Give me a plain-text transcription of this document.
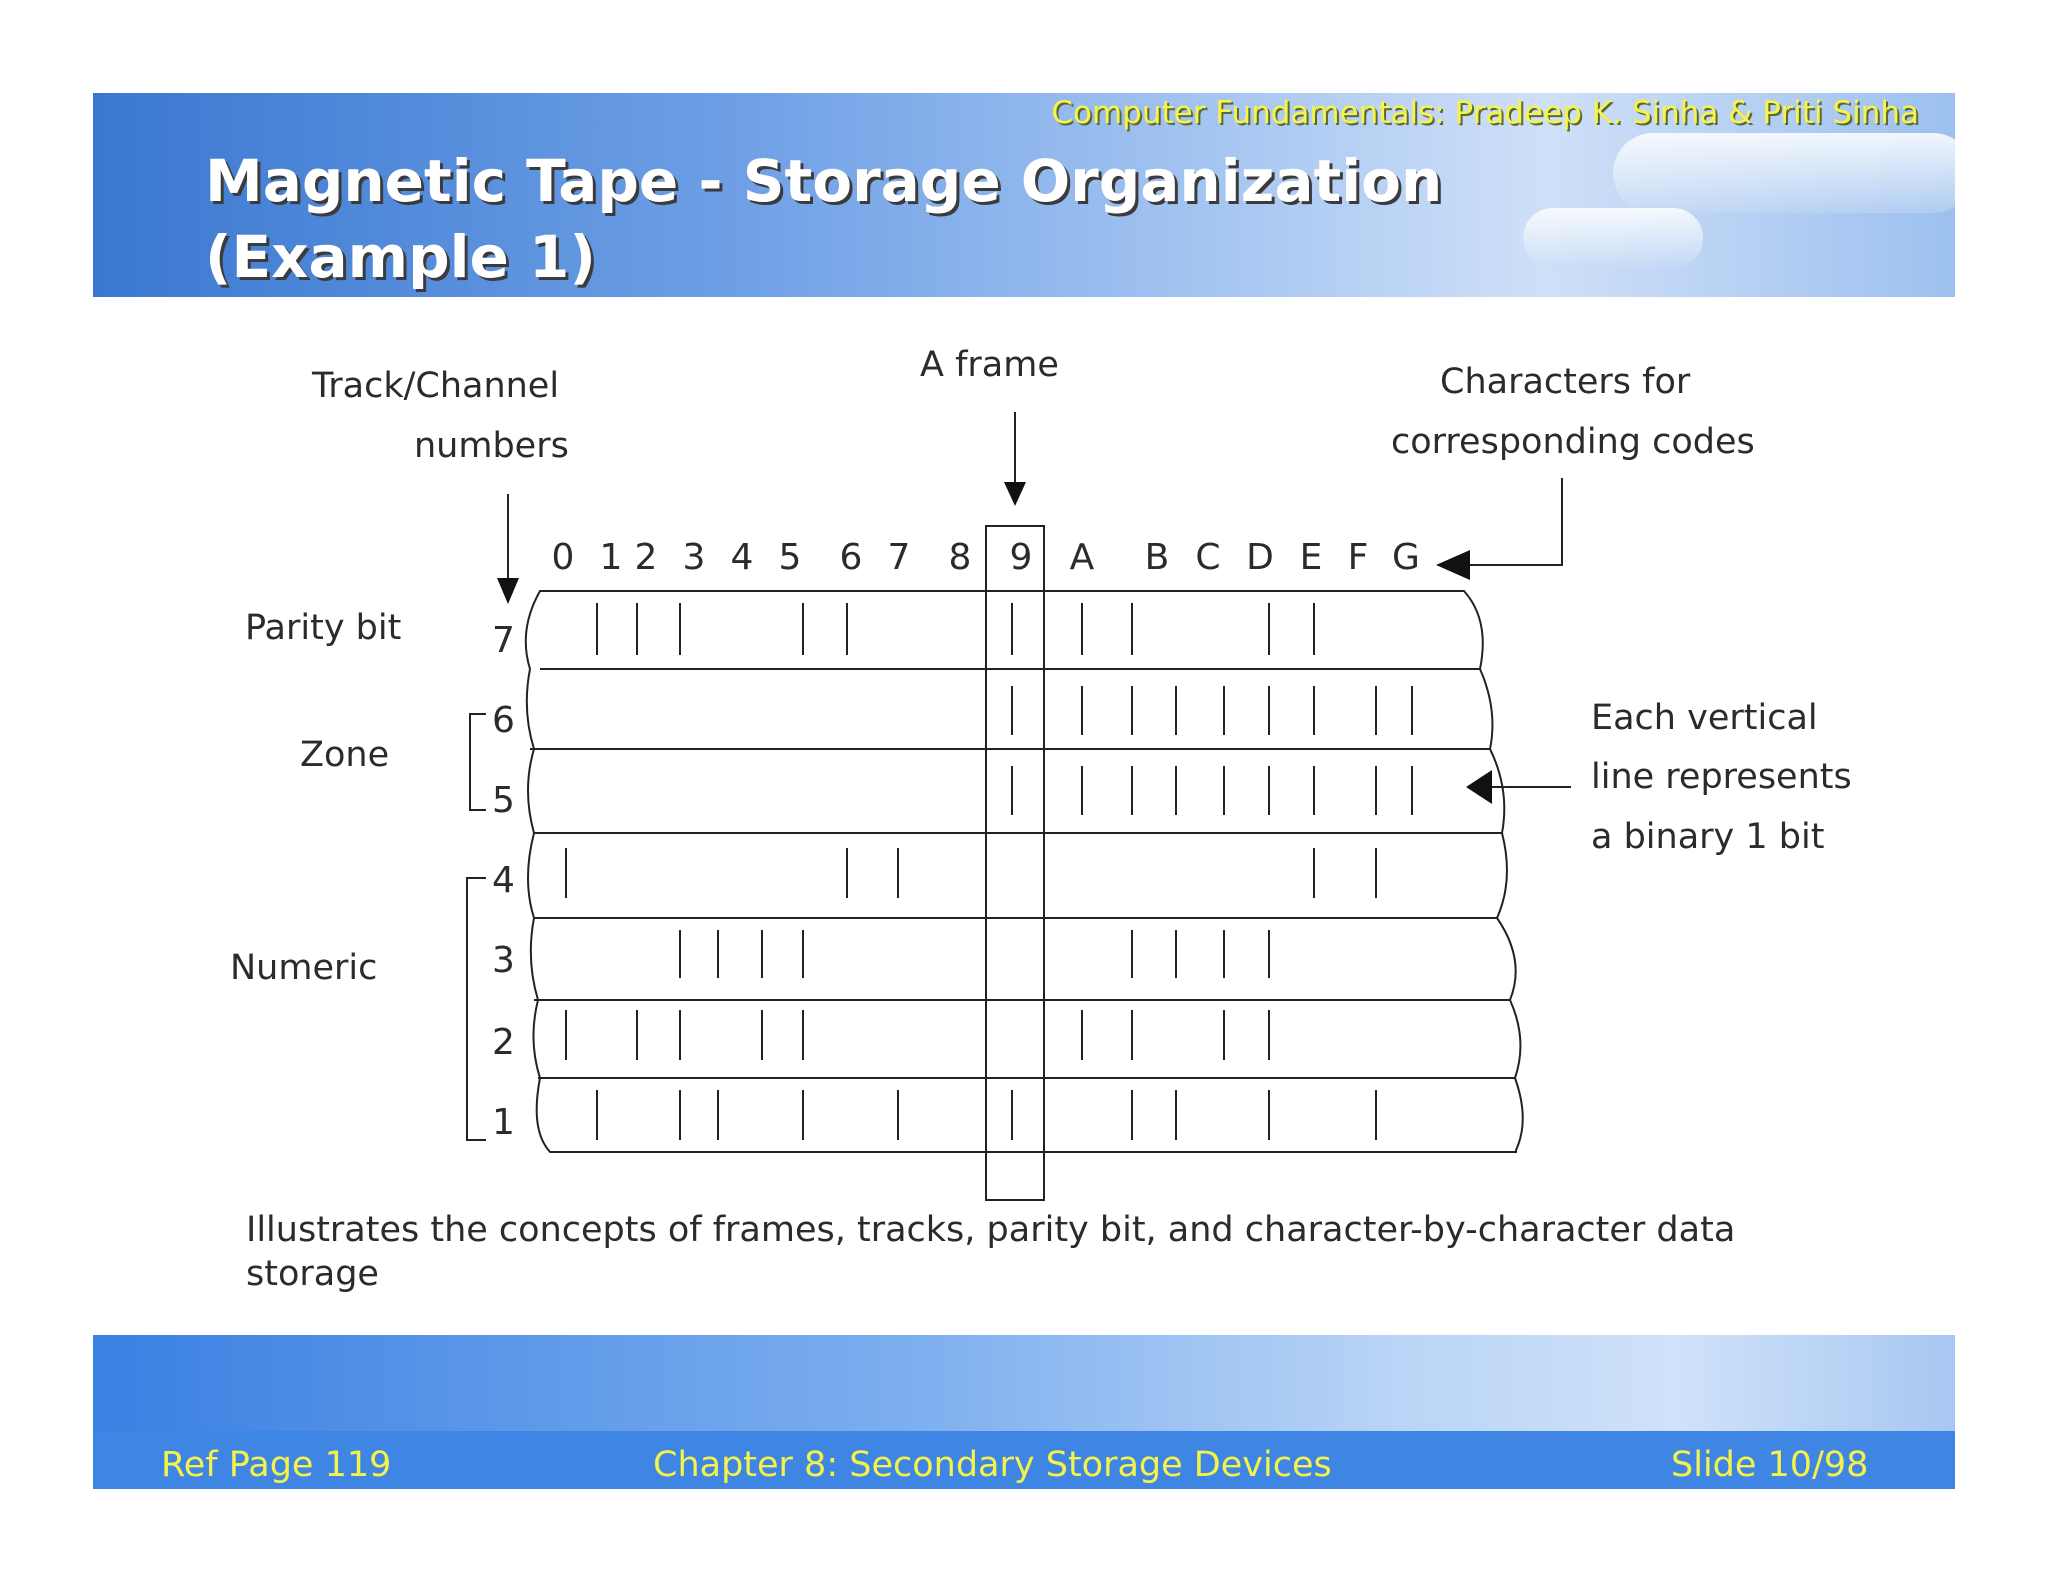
Computer Fundamentals: Pradeep K. Sinha & Priti Sinha
Magnetic Tape - Storage Organization
(Example 1)
Track/Channel
numbers
A frame	Characters for
corresponding codes
Parity bit
Zone
Numeric
Each vertical
line represents
a binary 1 bit
0 1 2 3 4 5 6 7 8 9 A B C D E F G
7
6
5
4
3
2
1
Illustrates the concepts of frames, tracks, parity bit, and character-by-character data storage
Ref Page 119	Chapter 8: Secondary Storage Devices	Slide 10/98
